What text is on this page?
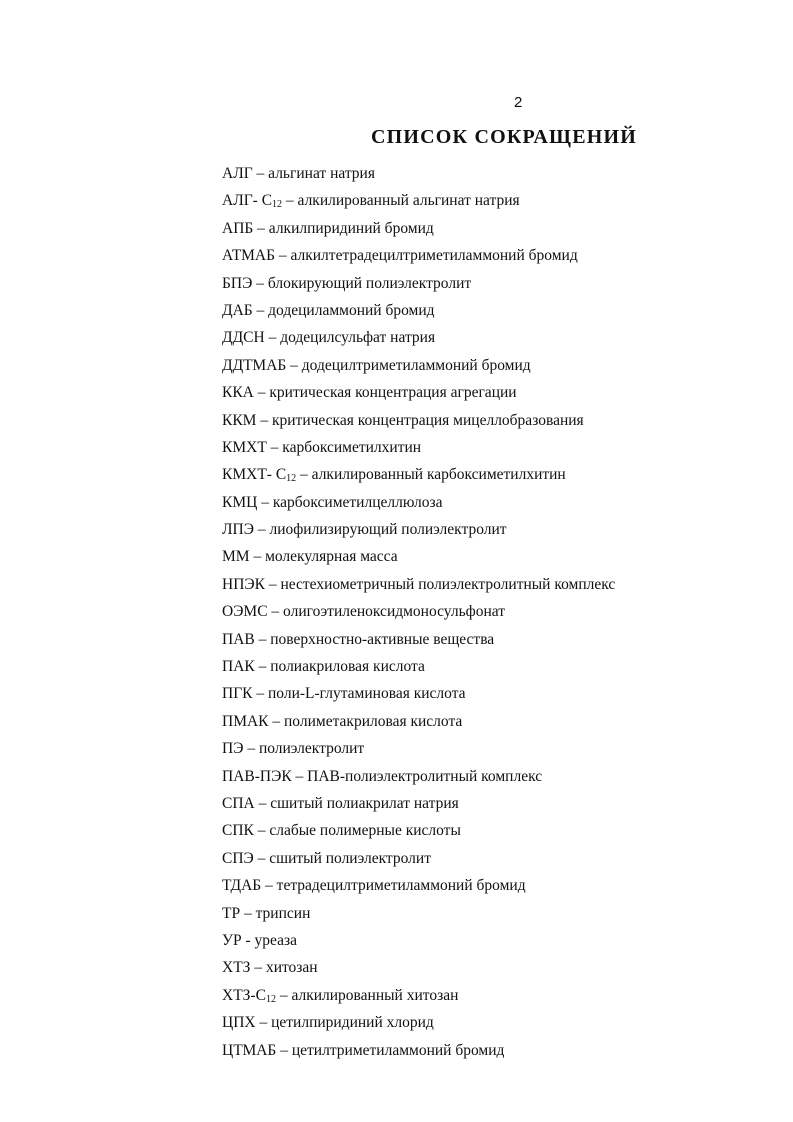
2
СПИСОК СОКРАЩЕНИЙ
АЛГ – альгинат натрия
АЛГ- $С_{12}$ – алкилированный альгинат натрия
АПБ – алкилпиридиний бромид
АТМАБ – алкилтетрадецилтриметиламмоний бромид
БПЭ – блокирующий полиэлектролит
ДАБ – додециламмоний бромид
ДДСН – додецилсульфат натрия
ДДТМАБ – додецилтриметиламмоний бромид
ККА – критическая концентрация агрегации
ККМ – критическая концентрация мицеллобразования
КМХТ – карбоксиметилхитин
КМХТ- $С_{12}$ – алкилированный карбоксиметилхитин
КМЦ – карбоксиметилцеллюлоза
ЛПЭ – лиофилизирующий полиэлектролит
ММ – молекулярная масса
НПЭК – нестехиометричный полиэлектролитный комплекс
ОЭМС – олигоэтиленоксидмоносульфонат
ПАВ – поверхностно-активные вещества
ПАК – полиакриловая кислота
ПГК – поли-L-глутаминовая кислота
ПМАК – полиметакриловая кислота
ПЭ – полиэлектролит
ПАВ-ПЭК – ПАВ-полиэлектролитный комплекс
СПА – сшитый полиакрилат натрия
СПК – слабые полимерные кислоты
СПЭ – сшитый полиэлектролит
ТДАБ – тетрадецилтриметиламмоний бромид
ТР – трипсин
УР - уреаза
ХТЗ – хитозан
ХТЗ-$С_{12}$ – алкилированный хитозан
ЦПХ – цетилпиридиний хлорид
ЦТМАБ – цетилтриметиламмоний бромид
